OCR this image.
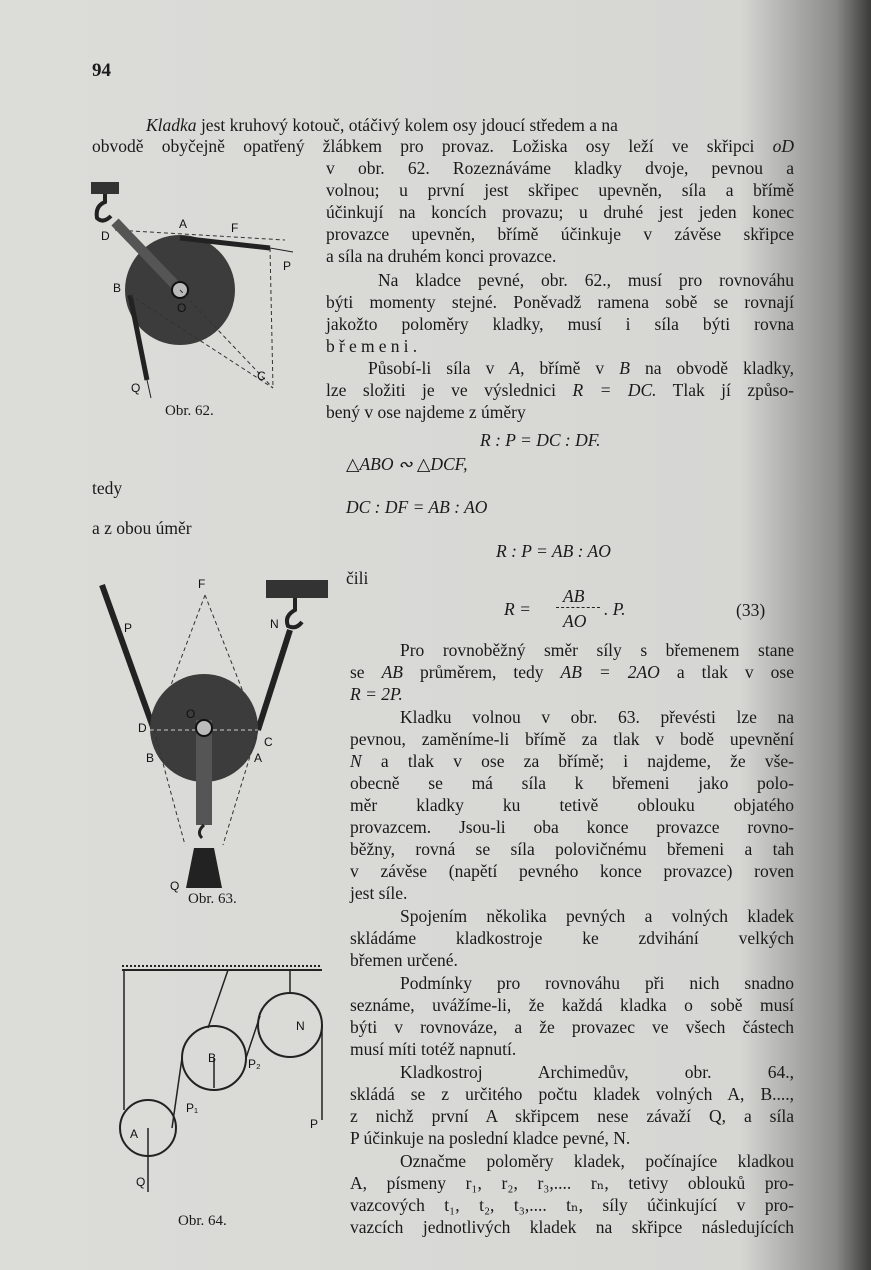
94
Kladka jest kruhový kotouč, otáčivý kolem osy jdoucí středem a na
obvodě obyčejně opatřený žlábkem pro provaz. Ložiska osy leží ve skřipci oD
v obr. 62. Rozeznáváme kladky dvoje, pevnou a
volnou; u první jest skřipec upevněn, síla a břímě
účinkují na koncích provazu; u druhé jest jeden konec
provazce upevněn, břímě účinkuje v závěse skřipce
a síla na druhém konci provazce.
Na kladce pevné, obr. 62., musí pro rovnováhu
býti momenty stejné. Poněvadž ramena sobě se rovnají
jakožto poloměry kladky, musí i síla býti rovna
břemeni.
Působí-li síla v A, břímě v B na obvodě kladky,
lze složiti je ve výslednici R = DC. Tlak jí způso-
bený v ose najdeme z úměry
R : P = DC : DF.
△ABO ∾ △DCF,
tedy
DC : DF = AB : AO
a z obou úměr
R : P = AB : AO
čili
R =
AB
AO
. P.	(33)
Pro rovnoběžný směr síly s břemenem stane
se AB průměrem, tedy AB = 2AO a tlak v ose
R = 2P.
Kladku volnou v obr. 63. převésti lze na
pevnou, zaměníme-li břímě za tlak v bodě upevnění
N a tlak v ose za břímě; i najdeme, že vše-
obecně se má síla k břemeni jako polo-
měr kladky ku tetivě oblouku objatého
provazcem. Jsou-li oba konce provazce rovno-
běžny, rovná se síla polovičnému břemeni a tah
v závěse (napětí pevného konce provazce) roven
jest síle.
Spojením několika pevných a volných kladek
skládáme kladkostroje ke zdvihání velkých
břemen určené.
Podmínky pro rovnováhu při nich snadno
seznáme, uvážíme-li, že každá kladka o sobě musí
býti v rovnováze, a že provazec ve všech částech
musí míti totéž napnutí.
Kladkostroj Archimedův, obr. 64.,
skládá se z určitého počtu kladek volných A, B....,
z nichž první A skřipcem nese závaží Q, a síla
P účinkuje na poslední kladce pevné, N.
Označme poloměry kladek, počínajíce kladkou
A, písmeny r₁, r₂, r₃,.... rₙ, tetivy oblouků pro-
vazcových t₁, t₂, t₃,.... tₙ, síly účinkující v pro-
vazcích jednotlivých kladek na skřipce následujících
D
A	F
B
P
O
Q
C
Obr. 62.
F
P	N
D
O
C
B	A
Q
Obr. 63.
N
B	P₂
P₁
A
P
Q
Obr. 64.
